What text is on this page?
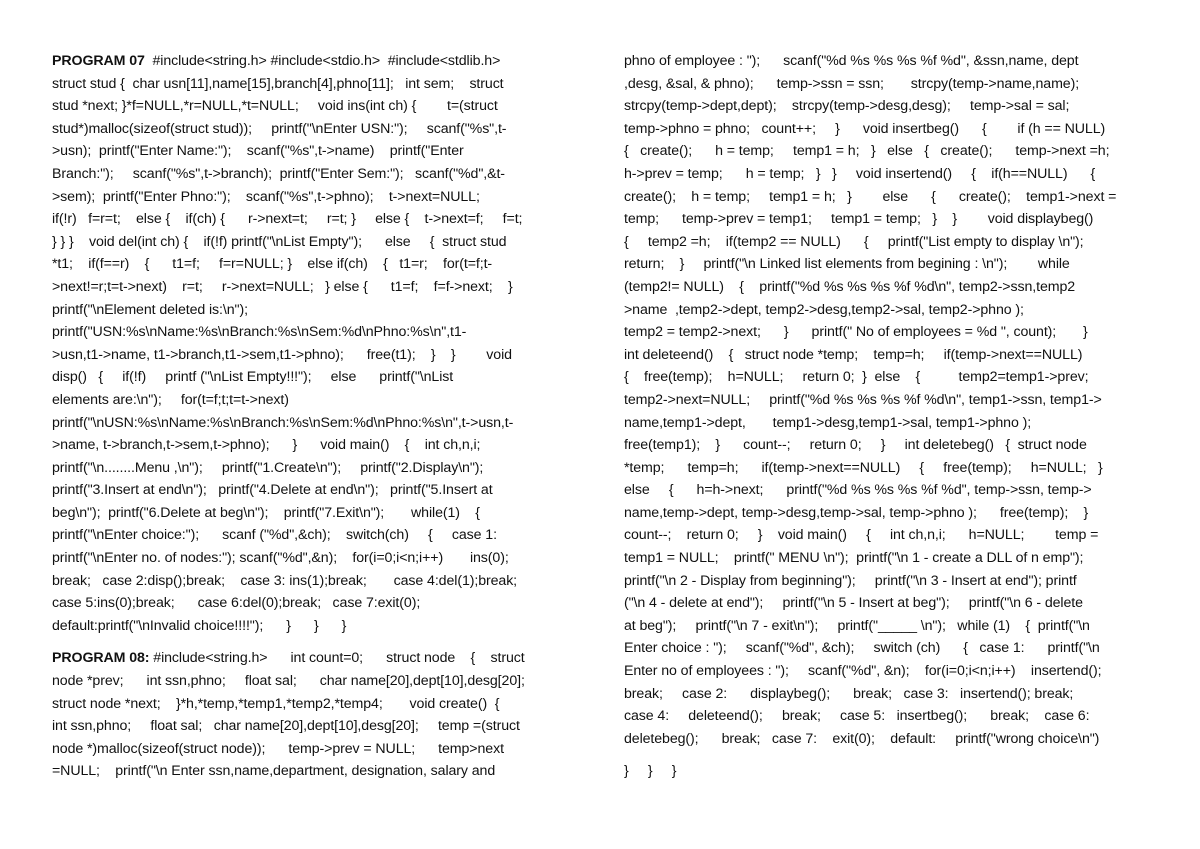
PROGRAM 07  #include<string.h> #include<stdio.h>  #include<stdlib.h>
struct stud {  char usn[11],name[15],branch[4],phno[11];   int sem;    struct
stud *next; }*f=NULL,*r=NULL,*t=NULL;     void ins(int ch) {        t=(struct
stud*)malloc(sizeof(struct stud));     printf("\nEnter USN:");     scanf("%s",t-
>usn);  printf("Enter Name:");    scanf("%s",t->name)    printf("Enter
Branch:");     scanf("%s",t->branch);  printf("Enter Sem:");   scanf("%d",&t-
>sem);  printf("Enter Phno:");    scanf("%s",t->phno);    t->next=NULL;
if(!r)   f=r=t;    else {    if(ch) {      r->next=t;     r=t; }     else {    t->next=f;     f=t;
} } }    void del(int ch) {    if(!f) printf("\nList Empty");      else     {  struct stud
*t1;    if(f==r)    {      t1=f;     f=r=NULL; }    else if(ch)    {   t1=r;    for(t=f;t-
>next!=r;t=t->next)    r=t;     r->next=NULL;   } else {      t1=f;    f=f->next;    }
printf("\nElement deleted is:\n");
printf("USN:%s\nName:%s\nBranch:%s\nSem:%d\nPhno:%s\n",t1-
>usn,t1->name, t1->branch,t1->sem,t1->phno);      free(t1);    }    }        void
disp()   {     if(!f)     printf ("\nList Empty!!!");     else      printf("\nList
elements are:\n");     for(t=f;t;t=t->next)
printf("\nUSN:%s\nName:%s\nBranch:%s\nSem:%d\nPhno:%s\n",t->usn,t-
>name, t->branch,t->sem,t->phno);      }      void main()    {    int ch,n,i;
printf("\n........Menu ,\n");     printf("1.Create\n");     printf("2.Display\n");
printf("3.Insert at end\n");   printf("4.Delete at end\n");   printf("5.Insert at
beg\n");  printf("6.Delete at beg\n");    printf("7.Exit\n");       while(1)    {
printf("\nEnter choice:");      scanf ("%d",&ch);    switch(ch)     {     case 1:
printf("\nEnter no. of nodes:"); scanf("%d",&n);    for(i=0;i<n;i++)       ins(0);
break;   case 2:disp();break;    case 3: ins(1);break;       case 4:del(1);break;
case 5:ins(0);break;      case 6:del(0);break;   case 7:exit(0);
default:printf("\nInvalid choice!!!!");      }      }      }
PROGRAM 08: #include<string.h>      int count=0;      struct node    {    struct
node *prev;      int ssn,phno;     float sal;      char name[20],dept[10],desg[20];
struct node *next;    }*h,*temp,*temp1,*temp2,*temp4;       void create()  {
int ssn,phno;     float sal;   char name[20],dept[10],desg[20];     temp =(struct
node *)malloc(sizeof(struct node));      temp->prev = NULL;      temp>next
=NULL;    printf("\n Enter ssn,name,department, designation, salary and
phno of employee : ");      scanf("%d %s %s %s %f %d", &ssn,name, dept
,desg, &sal, & phno);      temp->ssn = ssn;       strcpy(temp->name,name);
strcpy(temp->dept,dept);    strcpy(temp->desg,desg);     temp->sal = sal;
temp->phno = phno;   count++;     }      void insertbeg()      {        if (h == NULL)
{   create();      h = temp;     temp1 = h;   }   else   {   create();      temp->next =h;
h->prev = temp;      h = temp;   }   }     void insertend()     {    if(h==NULL)      {
create();    h = temp;     temp1 = h;   }        else      {      create();    temp1->next =
temp;      temp->prev = temp1;     temp1 = temp;   }    }        void displaybeg()
{     temp2 =h;    if(temp2 == NULL)      {     printf("List empty to display \n");
return;    }     printf("\n Linked list elements from begining : \n");        while
(temp2!= NULL)    {    printf("%d %s %s %s %f %d\n", temp2->ssn,temp2
>name  ,temp2->dept, temp2->desg,temp2->sal, temp2->phno );
temp2 = temp2->next;      }      printf(" No of employees = %d ", count);       }
int deleteend()    {   struct node *temp;    temp=h;     if(temp->next==NULL)
{    free(temp);    h=NULL;     return 0;  }  else    {          temp2=temp1->prev;
temp2->next=NULL;     printf("%d %s %s %s %f %d\n", temp1->ssn, temp1->
name,temp1->dept,       temp1->desg,temp1->sal, temp1->phno );
free(temp1);    }      count--;     return 0;     }     int deletebeg()   {  struct node
*temp;      temp=h;      if(temp->next==NULL)     {     free(temp);     h=NULL;   }
else     {      h=h->next;      printf("%d %s %s %s %f %d", temp->ssn, temp->
name,temp->dept, temp->desg,temp->sal, temp->phno );      free(temp);    }
count--;    return 0;     }    void main()     {     int ch,n,i;      h=NULL;        temp =
temp1 = NULL;    printf(" MENU \n");  printf("\n 1 - create a DLL of n emp");
printf("\n 2 - Display from beginning");     printf("\n 3 - Insert at end"); printf
("\n 4 - delete at end");     printf("\n 5 - Insert at beg");     printf("\n 6 - delete
at beg");     printf("\n 7 - exit\n");     printf("_____ \n");   while (1)    {  printf("\n
Enter choice : ");     scanf("%d", &ch);     switch (ch)      {   case 1:      printf("\n
Enter no of employees : ");     scanf("%d", &n);    for(i=0;i<n;i++)    insertend();
break;     case 2:      displaybeg();      break;   case 3:   insertend(); break;
case 4:     deleteend();     break;     case 5:   insertbeg();      break;    case 6:
deletebeg();      break;   case 7:    exit(0);    default:     printf("wrong choice\n")
}     }     }
